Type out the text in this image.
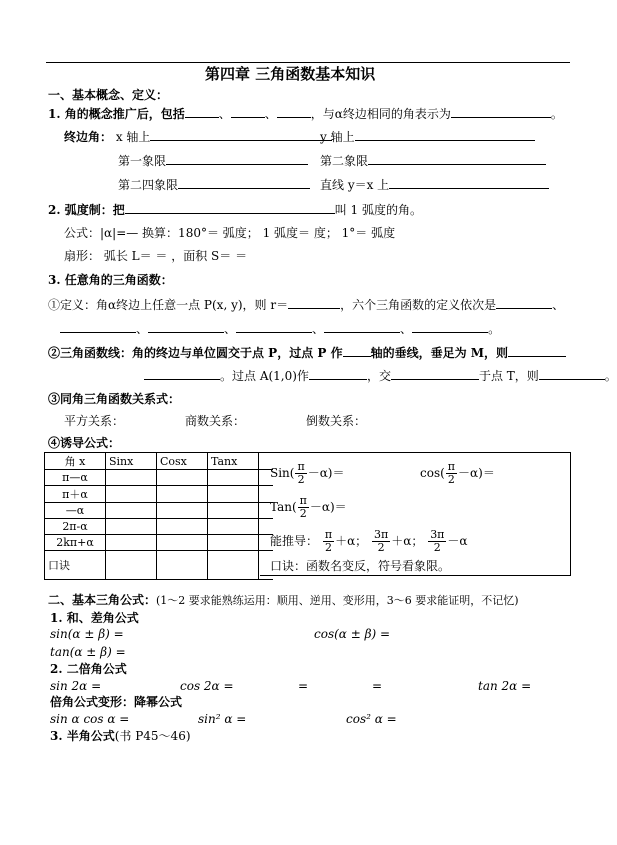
第四章 三角函数基本知识
一、基本概念、定义：
1. 角的概念推广后，包括	、	、	，与α终边相同的角表示为	。
终边角： x 轴上	y 轴上
第一象限	第二象限
第二四象限	直线 y＝x 上
2. 弧度制：把	叫 1 弧度的角。
公式：|α|=— 换算：180°＝ 弧度； 1 弧度＝ 度； 1°＝ 弧度
扇形： 弧长 L＝ ＝ ，面积 S＝ ＝
3. 任意角的三角函数：
①定义：角α终边上任意一点 P(x, y)，则 r＝	，六个三角函数的定义依次是	、
、	、	、	、	。
②三角函数线：角的终边与单位圆交于点 P，过点 P 作 轴的垂线，垂足为 M，则
。过点 A(1,0)作	，交	于点 T，则	。
③同角三角函数关系式：
平方关系：	商数关系：	倒数关系：
④诱导公式：
角 x	Sinx	Cosx	Tanx	
π—α				
π＋α				
—α				
2π-α				
2kπ+α				
口诀				
$Sin( \frac{\pi}{2} -\alpha)=$	$\cos( \frac{\pi}{2} -\alpha)=$
$Tan( \frac{\pi}{2} -\alpha)=$
能推导： $\frac{\pi}{2} +\alpha$； $\frac{3\pi}{2} +\alpha$； $\frac{3\pi}{2} -\alpha$
口诀：函数名变反，符号看象限。
二、基本三角公式：(1～2 要求能熟练运用：顺用、逆用、变形用，3～6 要求能证明，不记忆)
1. 和、差角公式
sin(α ± β) =	cos(α ± β) =
tan(α ± β) =
2. 二倍角公式
sin 2α =	cos 2α =	=	=	tan 2α =
倍角公式变形：降幂公式
sin α cos α =	sin² α =	cos² α =
3. 半角公式(书 P45～46)
